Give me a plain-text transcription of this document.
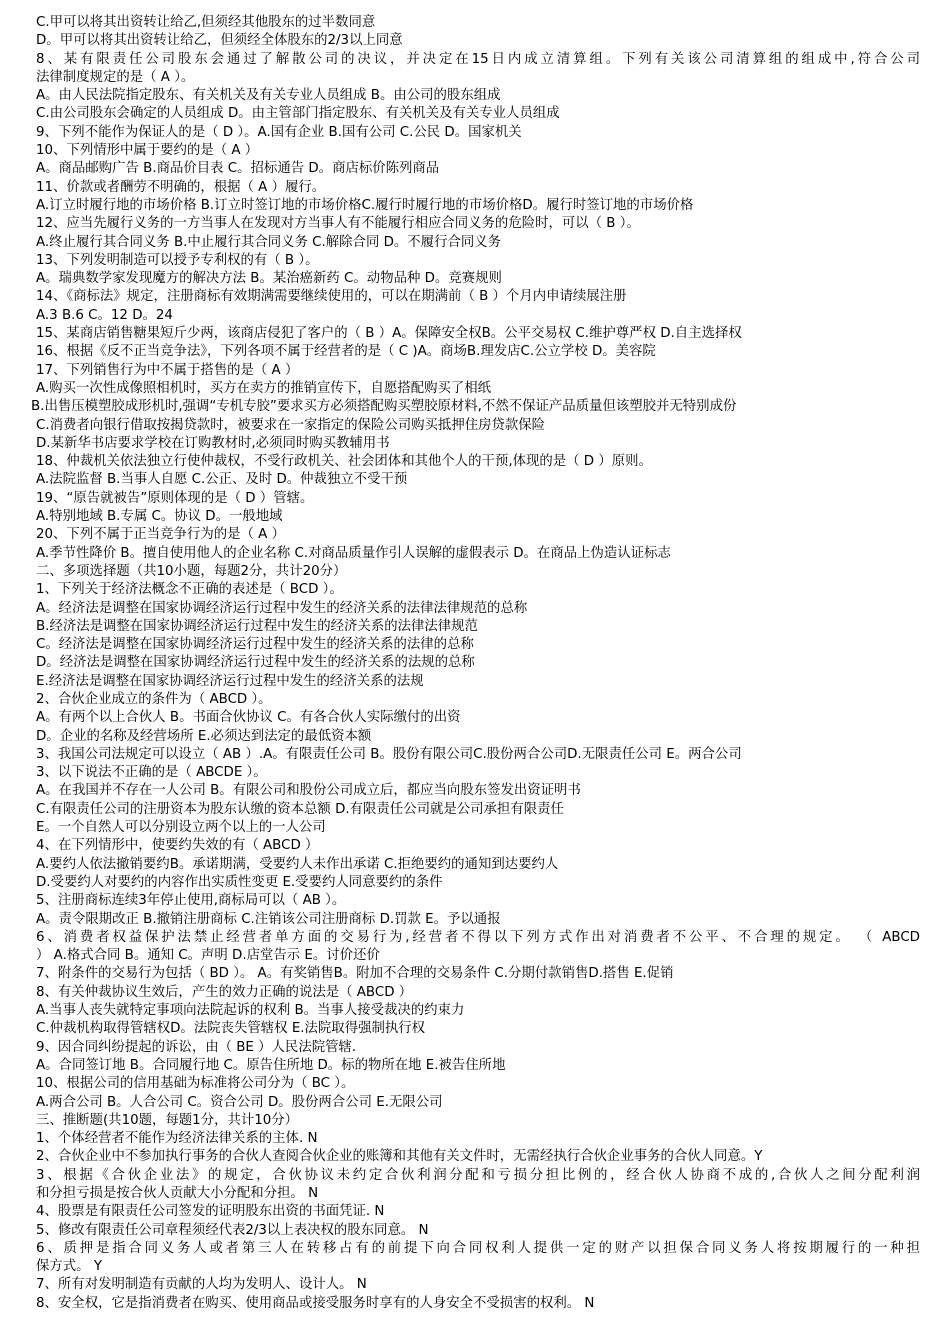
C.甲可以将其出资转让给乙,但须经其他股东的过半数同意
D。甲可以将其出资转让给乙，但须经全体股东的2/3以上同意
8、某有限责任公司股东会通过了解散公司的决议，并决定在15日内成立清算组。下列有关该公司清算组的组成中,符合公司
法律制度规定的是（ A ）。
A。由人民法院指定股东、有关机关及有关专业人员组成 B。由公司的股东组成
C.由公司股东会确定的人员组成 D。由主管部门指定股东、有关机关及有关专业人员组成
9、下列不能作为保证人的是（ D ）。A.国有企业 B.国有公司 C.公民 D。国家机关
10、下列情形中属于要约的是（ A ）
A。商品邮购广告 B.商品价目表 C。招标通告 D。商店标价陈列商品
11、价款或者酬劳不明确的，根据（ A ）履行。
A.订立时履行地的市场价格 B.订立时签订地的市场价格C.履行时履行地的市场价格D。履行时签订地的市场价格
12、应当先履行义务的一方当事人在发现对方当事人有不能履行相应合同义务的危险时，可以（ B ）。
A.终止履行其合同义务 B.中止履行其合同义务 C.解除合同 D。不履行合同义务
13、下列发明制造可以授予专利权的有（ B ）。
A。瑞典数学家发现魔方的解决方法 B。某治癌新药 C。动物品种 D。竞赛规则
14、《商标法》规定，注册商标有效期满需要继续使用的，可以在期满前（ B ）个月内申请续展注册
A.3 B.6 C。12 D。24
15、某商店销售糖果短斤少两，该商店侵犯了客户的（ B ）A。保障安全权B。公平交易权 C.维护尊严权 D.自主选择权
16、根据《反不正当竞争法》，下列各项不属于经营者的是（ C )A。商场B.理发店C.公立学校 D。美容院
17、下列销售行为中不属于搭售的是（ A ）
A.购买一次性成像照相机时，买方在卖方的推销宣传下，自愿搭配购买了相纸
B.出售压模塑胶成形机时,强调“专机专胶”要求买方必须搭配购买塑胶原材料,不然不保证产品质量但该塑胶并无特别成份
C.消费者向银行借取按揭贷款时，被要求在一家指定的保险公司购买抵押住房贷款保险
D.某新华书店要求学校在订购教材时,必须同时购买教辅用书
18、仲裁机关依法独立行使仲裁权，不受行政机关、社会团体和其他个人的干预,体现的是（ D ）原则。
A.法院监督 B.当事人自愿 C.公正、及时 D。仲裁独立不受干预
19、“原告就被告”原则体现的是（ D ）管辖。
A.特别地域 B.专属 C。协议 D。一般地域
20、下列不属于正当竞争行为的是（ A ）
A.季节性降价 B。擅自使用他人的企业名称 C.对商品质量作引人误解的虚假表示 D。在商品上伪造认证标志
二、多项选择题（共10小题，每题2分，共计20分）
1、下列关于经济法概念不正确的表述是（ BCD ）。
A。经济法是调整在国家协调经济运行过程中发生的经济关系的法律法律规范的总称
B.经济法是调整在国家协调经济运行过程中发生的经济关系的法律法律规范
C。经济法是调整在国家协调经济运行过程中发生的经济关系的法律的总称
D。经济法是调整在国家协调经济运行过程中发生的经济关系的法规的总称
E.经济法是调整在国家协调经济运行过程中发生的经济关系的法规
2、合伙企业成立的条件为（ ABCD ）。
A。有两个以上合伙人 B。书面合伙协议 C。有各合伙人实际缴付的出资
D。企业的名称及经营场所 E.必须达到法定的最低资本额
3、我国公司法规定可以设立（ AB ）.A。有限责任公司 B。股份有限公司C.股份两合公司D.无限责任公司 E。两合公司
3、以下说法不正确的是（ ABCDE ）。
A。在我国并不存在一人公司 B。有限公司和股份公司成立后，都应当向股东签发出资证明书
C.有限责任公司的注册资本为股东认缴的资本总额 D.有限责任公司就是公司承担有限责任
E。一个自然人可以分别设立两个以上的一人公司
4、在下列情形中，使要约失效的有（ ABCD ）
A.要约人依法撤销要约B。承诺期满，受要约人未作出承诺 C.拒绝要约的通知到达要约人
D.受要约人对要约的内容作出实质性变更 E.受要约人同意要约的条件
5、注册商标连续3年停止使用,商标局可以（ AB ）。
A。责令限期改正 B.撤销注册商标 C.注销该公司注册商标 D.罚款 E。予以通报
6、消费者权益保护法禁止经营者单方面的交易行为,经营者不得以下列方式作出对消费者不公平、不合理的规定。 （ ABCD
） A.格式合同 B。通知 C。声明 D.店堂告示 E。讨价还价
7、附条件的交易行为包括（ BD ）。 A。有奖销售B。附加不合理的交易条件 C.分期付款销售D.搭售 E.促销
8、有关仲裁协议生效后，产生的效力正确的说法是（ ABCD ）
A.当事人丧失就特定事项向法院起诉的权利 B。当事人接受裁决的约束力
C.仲裁机构取得管辖权D。法院丧失管辖权 E.法院取得强制执行权
9、因合同纠纷提起的诉讼，由（ BE ）人民法院管辖.
A。合同签订地 B。合同履行地 C。原告住所地 D。标的物所在地 E.被告住所地
10、根据公司的信用基础为标准将公司分为（ BC ）。
A.两合公司 B。人合公司 C。资合公司 D。股份两合公司 E.无限公司
三、推断题(共10题，每题1分，共计10分）
1、个体经营者不能作为经济法律关系的主体. N
2、合伙企业中不参加执行事务的合伙人查阅合伙企业的账簿和其他有关文件时，无需经执行合伙企业事务的合伙人同意。Y
3、根据《合伙企业法》的规定，合伙协议未约定合伙利润分配和亏损分担比例的，经合伙人协商不成的,合伙人之间分配利润
和分担亏损是按合伙人贡献大小分配和分担。 N
4、股票是有限责任公司签发的证明股东出资的书面凭证. N
5、修改有限责任公司章程须经代表2/3以上表决权的股东同意。 N
6、质押是指合同义务人或者第三人在转移占有的前提下向合同权利人提供一定的财产以担保合同义务人将按期履行的一种担
保方式。 Y
7、所有对发明制造有贡献的人均为发明人、设计人。 N
8、安全权，它是指消费者在购买、使用商品或接受服务时享有的人身安全不受损害的权利。 N
